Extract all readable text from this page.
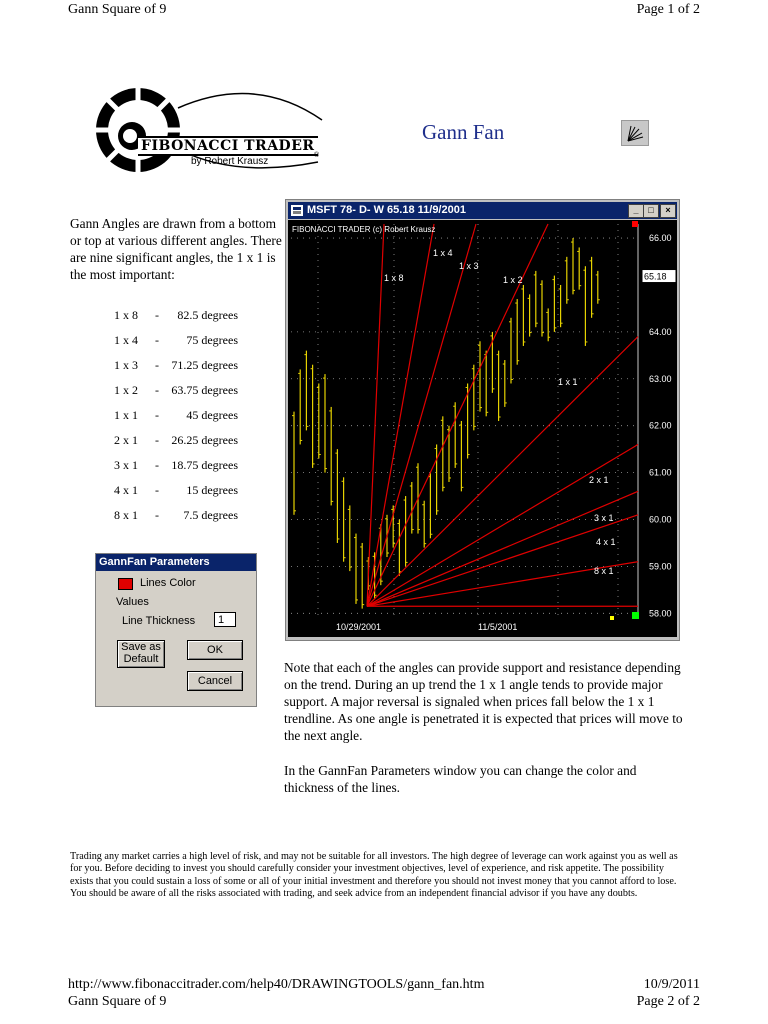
Gann Square of 9	Page 1 of 2
FIBONACCI TRADER
by Robert Krausz
®
Gann Fan
Gann Angles are drawn from a bottom or top at various different angles. There are nine significant angles, the 1 x 1 is the most important:
1 x 8	-	82.5 degrees
1 x 4	-	75 degrees
1 x 3	-	71.25 degrees
1 x 2	-	63.75 degrees
1 x 1	-	45 degrees
2 x 1	-	26.25 degrees
3 x 1	-	18.75 degrees
4 x 1	-	15 degrees
8 x 1	-	7.5 degrees
GannFan Parameters
Lines Color
Values
Line Thickness	1
Save as
Default
OK
Cancel
MSFT 78- D- W 65.18 11/9/2001	_	□	×
66.00
64.00
63.00
62.00
61.00
60.00
59.00
58.00
65.18
1 x 4
1 x 3
1 x 8	1 x 2
1 x 1
2 x 1
3 x 1
4 x 1
8 x 1
FIBONACCI TRADER (c) Robert Krausz
10/29/2001	11/5/2001
Note that each of the angles can provide support and resistance depending on the trend. During an up trend the 1 x 1 angle tends to provide major support. A major reversal is signaled when prices fall below the 1 x 1 trendline. As one angle is penetrated it is expected that prices will move to the next angle.
In the GannFan Parameters window you can change the color and thickness of the lines.
Trading any market carries a high level of risk, and may not be suitable for all investors. The high degree of leverage can work against you as well as for you. Before deciding to invest you should carefully consider your investment objectives, level of experience, and risk appetite. The possibility exists that you could sustain a loss of some or all of your initial investment and therefore you should not invest money that you cannot afford to lose. You should be aware of all the risks associated with trading, and seek advice from an independent financial advisor if you have any doubts.
http://www.fibonaccitrader.com/help40/DRAWINGTOOLS/gann_fan.htm	10/9/2011
Gann Square of 9	Page 2 of 2
